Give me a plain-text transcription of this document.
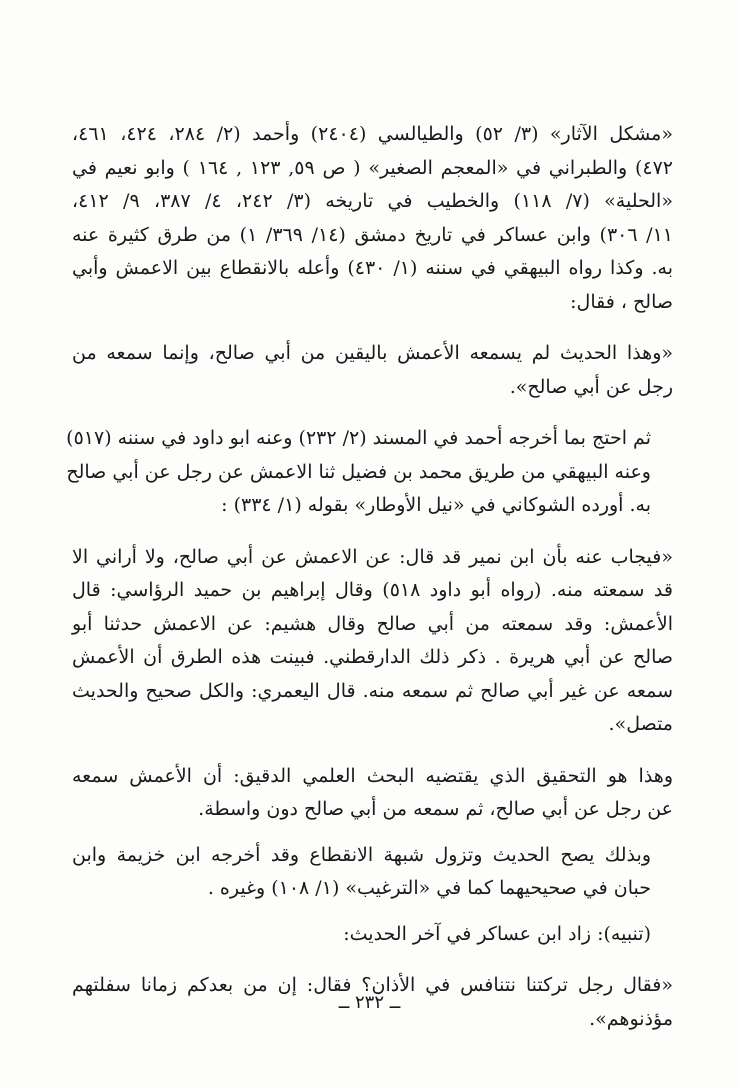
«مشكل الآثار» (٣/ ٥٢) والطيالسي (٢٤٠٤) وأحمد (٢/ ٢٨٤، ٤٢٤، ٤٦١،
٤٧٢) والطبراني في «المعجم الصغير» ( ص ٥٩, ١٢٣ , ١٦٤ ) وابو نعيم في
«الحلية» (٧/ ١١٨) والخطيب في تاريخه (٣/ ٢٤٢، ٤/ ٣٨٧، ٩/ ٤١٢،
١١/ ٣٠٦) وابن عساكر في تاريخ دمشق (١٤/ ٣٦٩/ ١) من طرق كثيرة عنه
به. وكذا رواه البيهقي في سننه (١/ ٤٣٠) وأعله بالانقطاع بين الاعمش وأبي
صالح ، فقال:

«وهذا الحديث لم يسمعه الأعمش باليقين من أبي صالح، وإنما سمعه من
رجل عن أبي صالح».

ثم احتج بما أخرجه أحمد في المسند (٢/ ٢٣٢) وعنه ابو داود في سننه (٥١٧)
وعنه البيهقي من طريق محمد بن فضيل ثنا الاعمش عن رجل عن أبي صالح
به. أورده الشوكاني في «نيل الأوطار» بقوله (١/ ٣٣٤) :

«فيجاب عنه بأن ابن نمير قد قال: عن الاعمش عن أبي صالح، ولا أراني الا
قد سمعته منه. (رواه أبو داود ٥١٨) وقال إبراهيم بن حميد الرؤاسي: قال
الأعمش: وقد سمعته من أبي صالح وقال هشيم: عن الاعمش حدثنا أبو
صالح عن أبي هريرة . ذكر ذلك الدارقطني. فبينت هذه الطرق أن الأعمش
سمعه عن غير أبي صالح ثم سمعه منه. قال اليعمري: والكل صحيح والحديث
متصل».

وهذا هو التحقيق الذي يقتضيه البحث العلمي الدقيق: أن الأعمش سمعه
عن رجل عن أبي صالح، ثم سمعه من أبي صالح دون واسطة.

وبذلك يصح الحديث وتزول شبهة الانقطاع وقد أخرجه ابن خزيمة وابن
حبان في صحيحيهما كما في «الترغيب» (١/ ١٠٨) وغيره .

(تنبيه): زاد ابن عساكر في آخر الحديث:

«فقال رجل تركتنا نتنافس في الأذان؟ فقال: إن من بعدكم زمانا سفلتهم
مؤذنوهم».

ــ ٢٣٢ ــ
